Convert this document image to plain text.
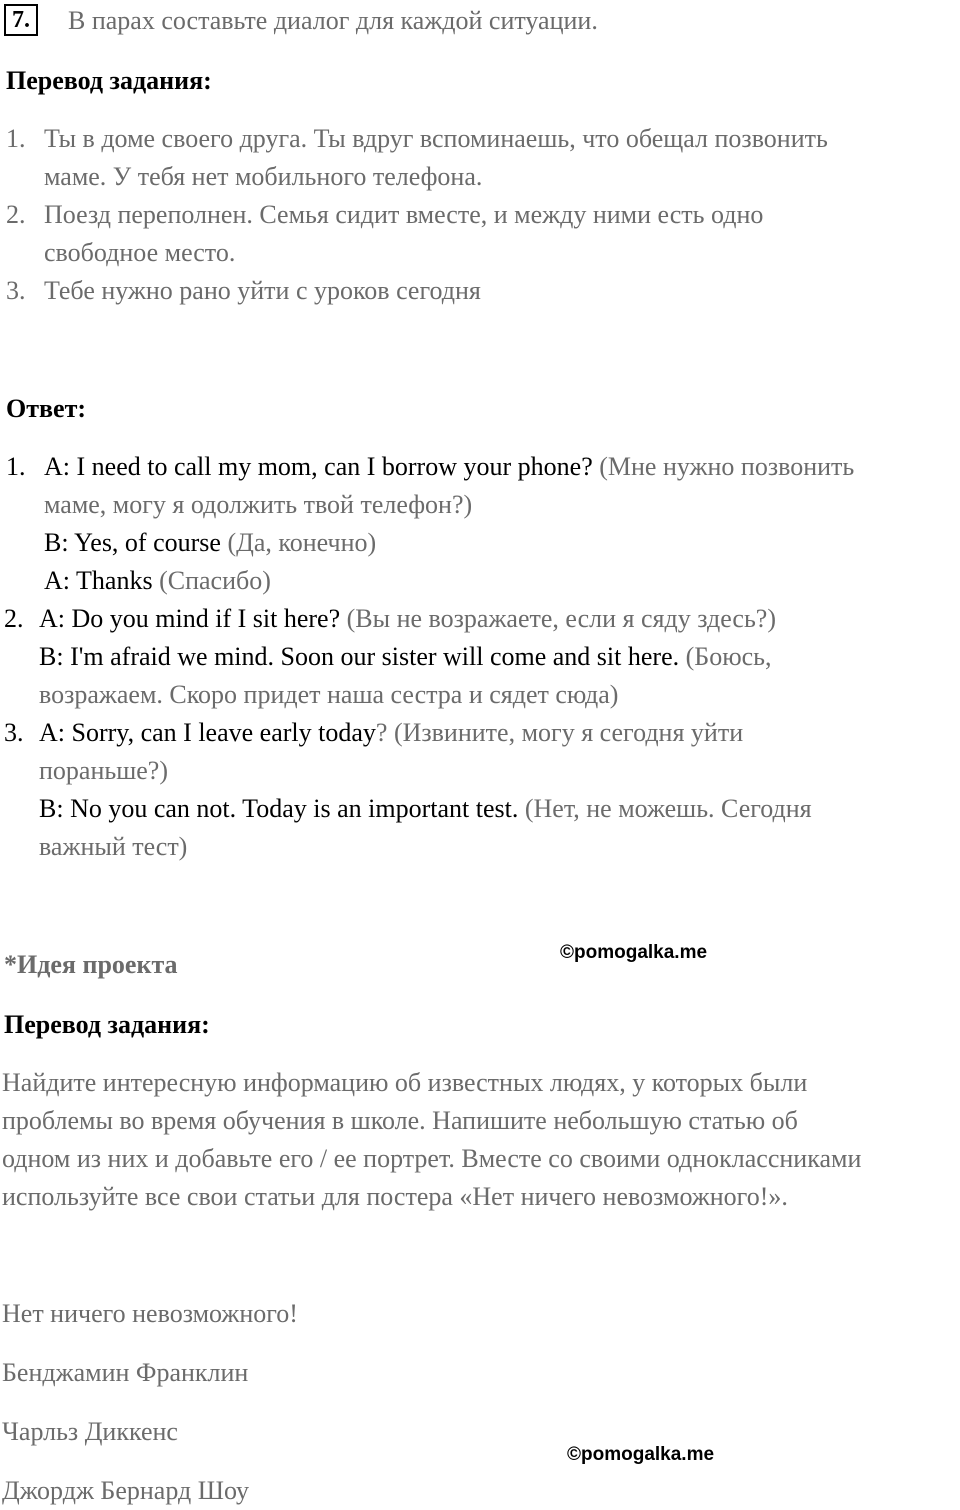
7.	В парах составьте диалог для каждой ситуации.
Перевод задания:
1. Ты в доме своего друга. Ты вдруг вспоминаешь, что обещал позвонить
маме. У тебя нет мобильного телефона.
2. Поезд переполнен. Семья сидит вместе, и между ними есть одно
свободное место.
3. Тебе нужно рано уйти с уроков сегодня
Ответ:
1. A: I need to call my mom, can I borrow your phone? (Мне нужно позвонить
маме, могу я одолжить твой телефон?)
B: Yes, of course (Да, конечно)
A: Thanks (Спасибо)
2. A: Do you mind if I sit here? (Вы не возражаете, если я сяду здесь?)
B: I'm afraid we mind. Soon our sister will come and sit here. (Боюсь,
возражаем. Скоро придет наша сестра и сядет сюда)
3. A: Sorry, can I leave early today? (Извините, могу я сегодня уйти
пораньше?)
B: No you can not. Today is an important test. (Нет, не можешь. Сегодня
важный тест)
*Идея проекта	©pomogalka.me
Перевод задания:
Найдите интересную информацию об известных людях, у которых были
проблемы во время обучения в школе. Напишите небольшую статью об
одном из них и добавьте его / ее портрет. Вместе со своими одноклассниками
используйте все свои статьи для постера «Нет ничего невозможного!».
Нет ничего невозможного!
Бенджамин Франклин
Чарльз Диккенс
©pomogalka.me
Джордж Бернард Шоу
